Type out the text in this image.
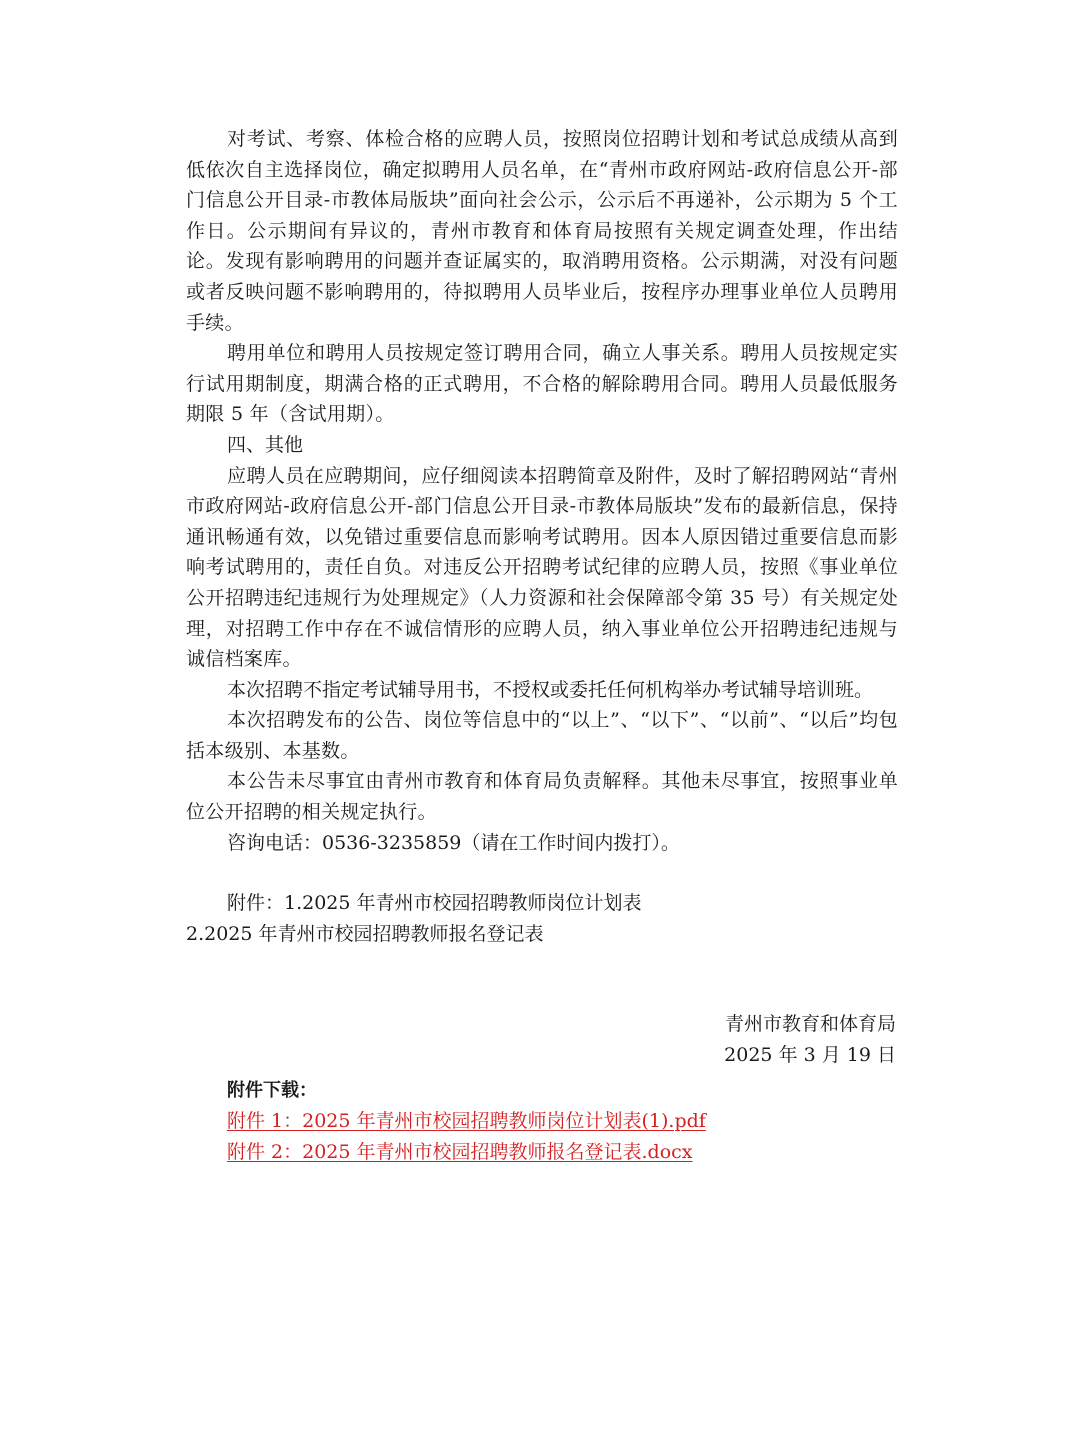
对考试、考察、体检合格的应聘人员，按照岗位招聘计划和考试总成绩从高到低依次自主选择岗位，确定拟聘用人员名单，在“青州市政府网站-政府信息公开-部门信息公开目录-市教体局版块”面向社会公示，公示后不再递补，公示期为 5 个工作日。公示期间有异议的，青州市教育和体育局按照有关规定调查处理，作出结论。发现有影响聘用的问题并查证属实的，取消聘用资格。公示期满，对没有问题或者反映问题不影响聘用的，待拟聘用人员毕业后，按程序办理事业单位人员聘用手续。

聘用单位和聘用人员按规定签订聘用合同，确立人事关系。聘用人员按规定实行试用期制度，期满合格的正式聘用，不合格的解除聘用合同。聘用人员最低服务期限 5 年（含试用期）。

四、其他

应聘人员在应聘期间，应仔细阅读本招聘简章及附件，及时了解招聘网站“青州市政府网站-政府信息公开-部门信息公开目录-市教体局版块”发布的最新信息，保持通讯畅通有效，以免错过重要信息而影响考试聘用。因本人原因错过重要信息而影响考试聘用的，责任自负。对违反公开招聘考试纪律的应聘人员，按照《事业单位公开招聘违纪违规行为处理规定》（人力资源和社会保障部令第 35 号）有关规定处理，对招聘工作中存在不诚信情形的应聘人员，纳入事业单位公开招聘违纪违规与诚信档案库。

本次招聘不指定考试辅导用书，不授权或委托任何机构举办考试辅导培训班。

本次招聘发布的公告、岗位等信息中的“以上”、“以下”、“以前”、“以后”均包括本级别、本基数。

本公告未尽事宜由青州市教育和体育局负责解释。其他未尽事宜，按照事业单位公开招聘的相关规定执行。

咨询电话：0536-3235859（请在工作时间内拨打）。

附件：1.2025 年青州市校园招聘教师岗位计划表

2.2025 年青州市校园招聘教师报名登记表

青州市教育和体育局

2025 年 3 月 19 日

附件下载：

附件 1：2025 年青州市校园招聘教师岗位计划表(1).pdf
附件 2：2025 年青州市校园招聘教师报名登记表.docx
